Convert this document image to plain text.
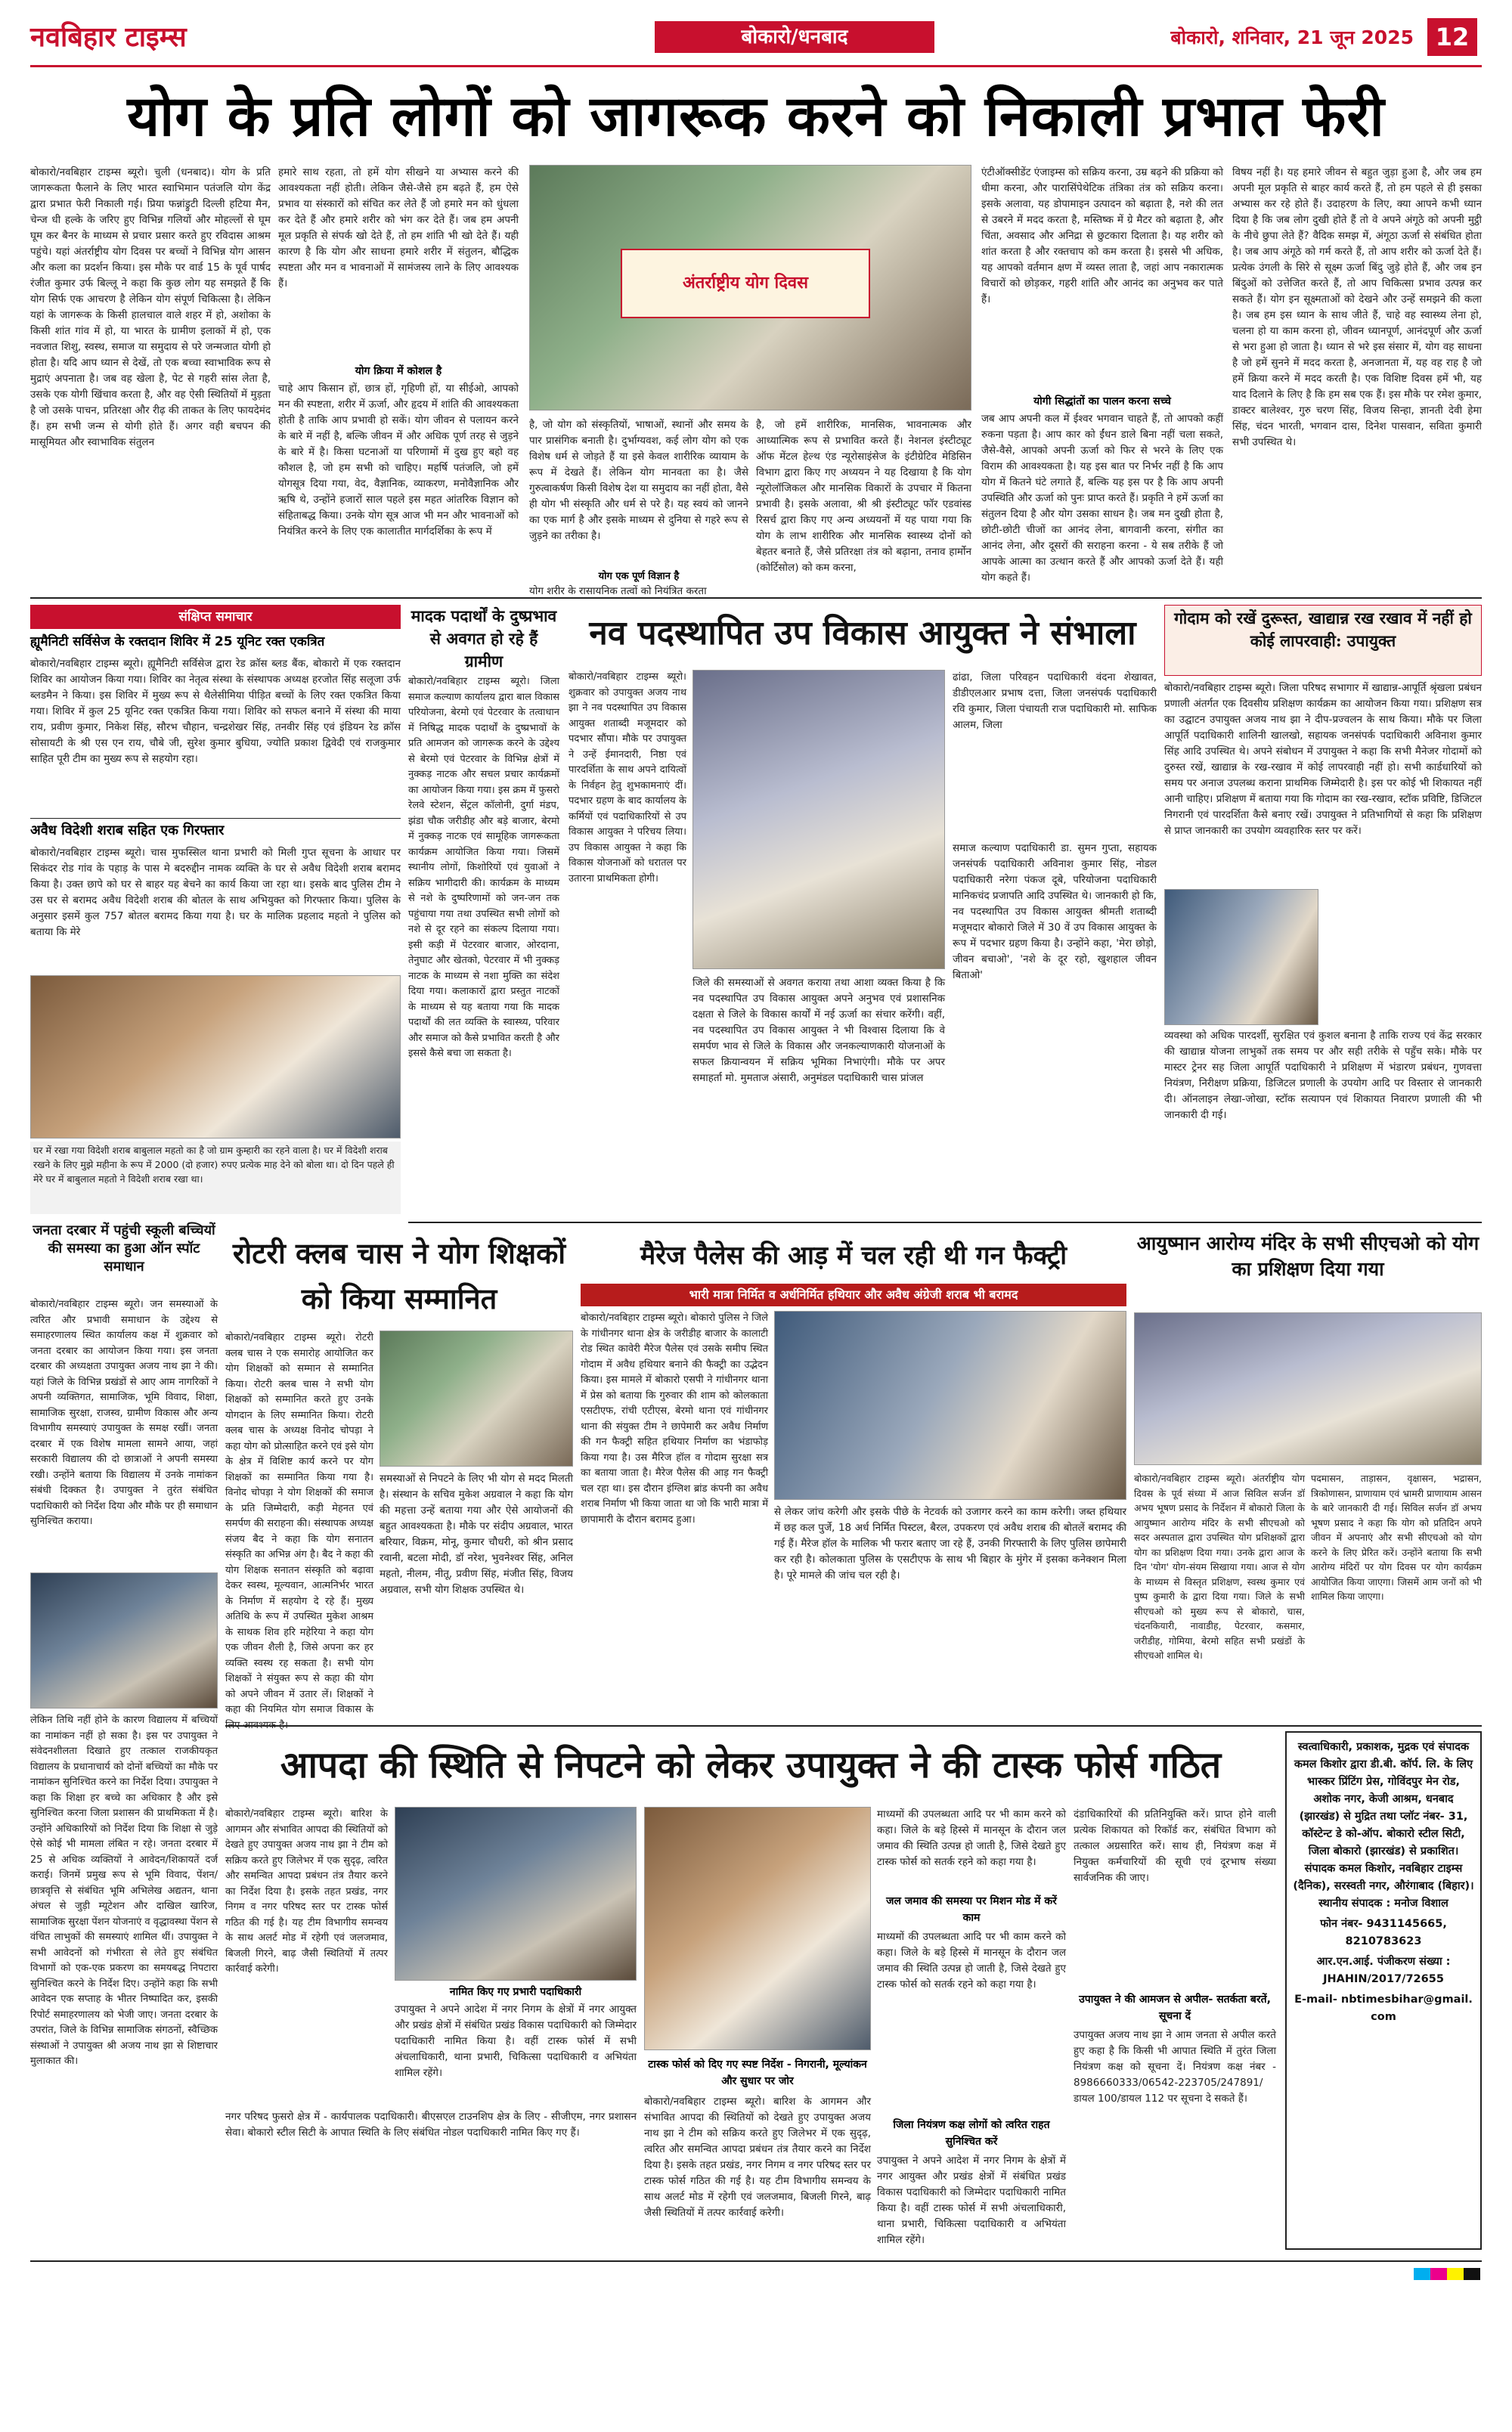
नवबिहार टाइम्स	बोकारो/धनबाद	बोकारो, शनिवार, 21 जून 2025 12
योग के प्रति लोगों को जागरूक करने को निकाली प्रभात फेरी
बोकारो/नवबिहार टाइम्स ब्यूरो। चुली (धनबाद)। योग के प्रति जागरूकता फैलाने के लिए भारत स्वाभिमान पतंजलि योग केंद्र द्वारा प्रभात फेरी निकाली गई। प्रिया फन्नांड्रुटी दिल्ली हटिया मैन, चेन्ज धी हल्के के जरिए हुए विभिन्न गलियों और मोहल्लों से घूम घूम कर बैनर के माध्यम से प्रचार प्रसार करते हुए रविदास आश्रम पहुंचे। यहां अंतर्राष्ट्रीय योग दिवस पर बच्चों ने विभिन्न योग आसन और कला का प्रदर्शन किया। इस मौके पर वार्ड 15 के पूर्व पार्षद रंजीत कुमार उर्फ बिल्लू ने कहा कि कुछ लोग यह समझते हैं कि योग सिर्फ एक आचरण है लेकिन योग संपूर्ण चिकित्सा है। लेकिन यहां के जागरूक के किसी हालचाल वाले शहर में हो, अशोका के किसी शांत गांव में हो, या भारत के ग्रामीण इलाकों में हो, एक नवजात शिशु, स्वस्थ, समाज या समुदाय से परे जन्मजात योगी हो होता है। यदि आप ध्यान से देखें, तो एक बच्चा स्वाभाविक रूप से मुद्राएं अपनाता है। जब वह खेला है, पेट से गहरी सांस लेता है, उसके एक योगी खिंचाव करता है, और वह ऐसी स्थितियों में मुड़ता है जो उसके पाचन, प्रतिरक्षा और रीढ़ की ताकत के लिए फायदेमंद हैं। हम सभी जन्म से योगी होते हैं। अगर वही बचपन की मासूमियत और स्वाभाविक संतुलन
हमारे साथ रहता, तो हमें योग सीखने या अभ्यास करने की आवश्यकता नहीं होती। लेकिन जैसे-जैसे हम बढ़ते हैं, हम ऐसे प्रभाव या संस्कारों को संचित कर लेते हैं जो हमारे मन को धुंधला कर देते हैं और हमारे शरीर को भंग कर देते हैं। जब हम अपनी मूल प्रकृति से संपर्क खो देते हैं, तो हम शांति भी खो देते हैं। यही कारण है कि योग और साधना हमारे शरीर में संतुलन, बौद्धिक स्पष्टता और मन व भावनाओं में सामंजस्य लाने के लिए आवश्यक हैं।
योग क्रिया में कोशल है
चाहे आप किसान हों, छात्र हों, गृहिणी हों, या सीईओ, आपको मन की स्पष्टता, शरीर में ऊर्जा, और हृदय में शांति की आवश्यकता होती है ताकि आप प्रभावी हो सकें। योग जीवन से पलायन करने के बारे में नहीं है, बल्कि जीवन में और अधिक पूर्ण तरह से जुड़ने के बारे में है। किसा घटनाओं या परिणामों में दुख हुए बहो वह कौशल है, जो हम सभी को चाहिए। महर्षि पतंजलि, जो हमें योगसूत्र दिया गया, वेद, वैज्ञानिक, व्याकरण, मनोवैज्ञानिक और ऋषि थे, उन्होंने हजारों साल पहले इस महत आंतरिक विज्ञान को संहिताबद्ध किया। उनके योग सूत्र आज भी मन और भावनाओं को नियंत्रित करने के लिए एक कालातीत मार्गदर्शिका के रूप में
अंतर्राष्ट्रीय योग दिवस
है, जो योग को संस्कृतियों, भाषाओं, स्थानों और समय के पार प्रासंगिक बनाती है। दुर्भाग्यवश, कई लोग योग को एक विशेष धर्म से जोड़ते हैं या इसे केवल शारीरिक व्यायाम के रूप में देखते हैं। लेकिन योग मानवता का है। जैसे गुरुत्वाकर्षण किसी विशेष देश या समुदाय का नहीं होता, वैसे ही योग भी संस्कृति और धर्म से परे है। यह स्वयं को जानने का एक मार्ग है और इसके माध्यम से दुनिया से गहरे रूप से जुड़ने का तरीका है।
योग एक पूर्ण विज्ञान है
योग शरीर के रासायनिक तत्वों को नियंत्रित करता
है, जो हमें शारीरिक, मानसिक, भावनात्मक और आध्यात्मिक रूप से प्रभावित करते हैं। नेशनल इंस्टीट्यूट ऑफ मेंटल हेल्थ एंड न्यूरोसाइंसेज के इंटीग्रेटिव मेडिसिन विभाग द्वारा किए गए अध्ययन ने यह दिखाया है कि योग न्यूरोलॉजिकल और मानसिक विकारों के उपचार में कितना प्रभावी है। इसके अलावा, श्री श्री इंस्टीट्यूट फॉर एडवांस्ड रिसर्च द्वारा किए गए अन्य अध्ययनों में यह पाया गया कि योग के लाभ शारीरिक और मानसिक स्वास्थ्य दोनों को बेहतर बनाते हैं, जैसे प्रतिरक्षा तंत्र को बढ़ाना, तनाव हार्मोन (कोर्टिसोल) को कम करना,
एंटीऑक्सीडेंट एंजाइम्स को सक्रिय करना, उम्र बढ़ने की प्रक्रिया को धीमा करना, और पारासिंपेथेटिक तंत्रिका तंत्र को सक्रिय करना। इसके अलावा, यह डोपामाइन उत्पादन को बढ़ाता है, नशे की लत से उबरने में मदद करता है, मस्तिष्क में ग्रे मैटर को बढ़ाता है, और चिंता, अवसाद और अनिद्रा से छुटकारा दिलाता है। यह शरीर को शांत करता है और रक्तचाप को कम करता है। इससे भी अधिक, यह आपको वर्तमान क्षण में व्यस्त लाता है, जहां आप नकारात्मक विचारों को छोड़कर, गहरी शांति और आनंद का अनुभव कर पाते हैं।
योगी सिद्धांतों का पालन करना सच्चे
जब आप अपनी कल में ईश्वर भगवान चाहते हैं, तो आपको कहीं रुकना पड़ता है। आप कार को ईंधन डाले बिना नहीं चला सकते, जैसे-वैसे, आपको अपनी ऊर्जा को फिर से भरने के लिए एक विराम की आवश्यकता है। यह इस बात पर निर्भर नहीं है कि आप योग में कितने घंटे लगाते हैं, बल्कि यह इस पर है कि आप अपनी उपस्थिति और ऊर्जा को पुनः प्राप्त करते हैं। प्रकृति ने हमें ऊर्जा का संतुलन दिया है और योग उसका साधन है। जब मन दुखी होता है, छोटी-छोटी चीजों का आनंद लेना, बागवानी करना, संगीत का आनंद लेना, और दूसरों की सराहना करना - ये सब तरीके हैं जो आपके आत्मा का उत्थान करते हैं और आपको ऊर्जा देते हैं। यही योग कहते हैं।
विषय नहीं है। यह हमारे जीवन से बहुत जुड़ा हुआ है, और जब हम अपनी मूल प्रकृति से बाहर कार्य करते हैं, तो हम पहले से ही इसका अभ्यास कर रहे होते हैं। उदाहरण के लिए, क्या आपने कभी ध्यान दिया है कि जब लोग दुखी होते हैं तो वे अपने अंगूठे को अपनी मुट्ठी के नीचे छुपा लेते हैं? वैदिक समझ में, अंगूठा ऊर्जा से संबंधित होता है। जब आप अंगूठे को गर्म करते हैं, तो आप शरीर को ऊर्जा देते हैं। प्रत्येक उंगली के सिरे से सूक्ष्म ऊर्जा बिंदु जुड़े होते हैं, और जब इन बिंदुओं को उत्तेजित करते हैं, तो आप चिकित्सा प्रभाव उत्पन्न कर सकते हैं। योग इन सूक्ष्मताओं को देखने और उन्हें समझने की कला है। जब हम इस ध्यान के साथ जीते हैं, चाहे वह स्वास्थ्य लेना हो, चलना हो या काम करना हो, जीवन ध्यानपूर्ण, आनंदपूर्ण और ऊर्जा से भरा हुआ हो जाता है। ध्यान से भरे इस संसार में, योग वह साधना है जो हमें सुनने में मदद करता है, अनजानता में, यह वह राह है जो हमें क्रिया करने में मदद करती है। एक विशिष्ट दिवस हमें भी, यह याद दिलाने के लिए है कि हम सब एक हैं। इस मौके पर रमेश कुमार, डाक्टर बालेश्वर, गुरु चरण सिंह, विजय सिन्हा, ज्ञानती देवी हेमा सिंह, चंदन भारती, भगवान दास, दिनेश पासवान, सविता कुमारी सभी उपस्थित थे।
संक्षिप्त समाचार
ह्यूमैनिटी सर्विसेज के रक्तदान शिविर में 25 यूनिट रक्त एकत्रित
बोकारो/नवबिहार टाइम्स ब्यूरो। ह्यूमैनिटी सर्विसेज द्वारा रेड क्रॉस ब्लड बैंक, बोकारो में एक रक्तदान शिविर का आयोजन किया गया। शिविर का नेतृत्व संस्था के संस्थापक अध्यक्ष हरजोत सिंह सलूजा उर्फ ब्लडमैन ने किया। इस शिविर में मुख्य रूप से थैलेसीमिया पीड़ित बच्चों के लिए रक्त एकत्रित किया गया। शिविर में कुल 25 यूनिट रक्त एकत्रित किया गया। शिविर को सफल बनाने में संस्था की माया राय, प्रवीण कुमार, निकेश सिंह, सौरभ चौहान, चन्द्रशेखर सिंह, तनवीर सिंह एवं इंडियन रेड क्रॉस सोसायटी के श्री एस एन राय, चौबे जी, सुरेश कुमार बुधिया, ज्योति प्रकाश द्विवेदी एवं राजकुमार साहित पूरी टीम का मुख्य रूप से सहयोग रहा।
अवैध विदेशी शराब सहित एक गिरफ्तार
बोकारो/नवबिहार टाइम्स ब्यूरो। चास मुफस्सिल थाना प्रभारी को मिली गुप्त सूचना के आधार पर सिकंदर रोड गांव के पहाड़ के पास मे बदरुद्दीन नामक व्यक्ति के घर से अवैध विदेशी शराब बरामद किया है। उक्त छापे को घर से बाहर यह बेचने का कार्य किया जा रहा था। इसके बाद पुलिस टीम ने उस घर से बरामद अवैध विदेशी शराब की बोतल के साथ अभियुक्त को गिरफ्तार किया। पुलिस के अनुसार इसमें कुल 757 बोतल बरामद किया गया है। घर के मालिक प्रहलाद महतो ने पुलिस को बताया कि मेरे
घर में रखा गया विदेशी शराब बाबुलाल महतो का है जो ग्राम कुम्हारी का रहने वाला है। घर में विदेशी शराब रखने के लिए मुझे महीना के रूप में 2000 (दो हजार) रुपए प्रत्येक माह देने को बोला था। दो दिन पहले ही मेरे घर में बाबुलाल महतो ने विदेशी शराब रखा था।
मादक पदार्थों के दुष्प्रभाव से अवगत हो रहे हैं ग्रामीण
बोकारो/नवबिहार टाइम्स ब्यूरो। जिला समाज कल्याण कार्यालय द्वारा बाल विकास परियोजना, बेरमो एवं पेटरवार के तत्वाधान में निषिद्ध मादक पदार्थों के दुष्प्रभावों के प्रति आमजन को जागरूक करने के उद्देश्य से बेरमो एवं पेटरवार के विभिन्न क्षेत्रों में नुक्कड़ नाटक और सचल प्रचार कार्यक्रमों का आयोजन किया गया। इस क्रम में फुसरो रेलवे स्टेशन, सेंट्रल कॉलोनी, दुर्गा मंडप, झंडा चौक जरीडीह और बड़े बाजार, बेरमो में नुक्कड़ नाटक एवं सामूहिक जागरूकता कार्यक्रम आयोजित किया गया। जिसमें स्थानीय लोगों, किशोरियों एवं युवाओं ने सक्रिय भागीदारी की। कार्यक्रम के माध्यम से नशे के दुष्परिणामों को जन-जन तक पहुंचाया गया तथा उपस्थित सभी लोगों को नशे से दूर रहने का संकल्प दिलाया गया। इसी कड़ी में पेटरवार बाजार, ओरदाना, तेनुघाट और खेतको, पेटरवार में भी नुक्कड़ नाटक के माध्यम से नशा मुक्ति का संदेश दिया गया। कलाकारों द्वारा प्रस्तुत नाटकों के माध्यम से यह बताया गया कि मादक पदार्थों की लत व्यक्ति के स्वास्थ्य, परिवार और समाज को कैसे प्रभावित करती है और इससे कैसे बचा जा सकता है।
नव पदस्थापित उप विकास आयुक्त ने संभाला
बोकारो/नवबिहार टाइम्स ब्यूरो। शुक्रवार को उपायुक्त अजय नाथ झा ने नव पदस्थापित उप विकास आयुक्त शताब्दी मजूमदार को पदभार सौंपा। मौके पर उपायुक्त ने उन्हें ईमानदारी, निष्ठा एवं पारदर्शिता के साथ अपने दायित्वों के निर्वहन हेतु शुभकामनाएं दीं। पदभार ग्रहण के बाद कार्यालय के कर्मियों एवं पदाधिकारियों से उप विकास आयुक्त ने परिचय लिया। उप विकास आयुक्त ने कहा कि विकास योजनाओं को धरातल पर उतारना प्राथमिकता होगी।
ढांढा, जिला परिवहन पदाधिकारी वंदना शेखावत, डीडीएलआर प्रभाष दत्ता, जिला जनसंपर्क पदाधिकारी रवि कुमार, जिला पंचायती राज पदाधिकारी मो. साफिक आलम, जिला
समाज कल्याण पदाधिकारी डा. सुमन गुप्ता, सहायक जनसंपर्क पदाधिकारी अविनाश कुमार सिंह, नोडल पदाधिकारी नरेगा पंकज दूबे, परियोजना पदाधिकारी मानिकचंद प्रजापति आदि उपस्थित थे। जानकारी हो कि, नव पदस्थापित उप विकास आयुक्त श्रीमती शताब्दी मजूमदार बोकारो जिले में 30 वें उप विकास आयुक्त के रूप में पदभार ग्रहण किया है। उन्होंने कहा, 'मेरा छोड़ो, जीवन बचाओ', 'नशे के दूर रहो, खुशहाल जीवन बिताओ'
जिले की समस्याओं से अवगत कराया तथा आशा व्यक्त किया है कि नव पदस्थापित उप विकास आयुक्त अपने अनुभव एवं प्रशासनिक दक्षता से जिले के विकास कार्यों में नई ऊर्जा का संचार करेंगी। वहीं, नव पदस्थापित उप विकास आयुक्त ने भी विश्वास दिलाया कि वे समर्पण भाव से जिले के विकास और जनकल्याणकारी योजनाओं के सफल क्रियान्वयन में सक्रिय भूमिका निभाएंगी। मौके पर अपर समाहर्ता मो. मुमताज अंसारी, अनुमंडल पदाधिकारी चास प्रांजल
गोदाम को रखें दुरूस्त, खाद्यान्न रख रखाव में नहीं हो कोई लापरवाही: उपायुक्त
बोकारो/नवबिहार टाइम्स ब्यूरो। जिला परिषद सभागार में खाद्यान्न-आपूर्ति श्रृंखला प्रबंधन प्रणाली अंतर्गत एक दिवसीय प्रशिक्षण कार्यक्रम का आयोजन किया गया। प्रशिक्षण सत्र का उद्घाटन उपायुक्त अजय नाथ झा ने दीप-प्रज्वलन के साथ किया। मौके पर जिला आपूर्ति पदाधिकारी शालिनी खालखो, सहायक जनसंपर्क पदाधिकारी अविनाश कुमार सिंह आदि उपस्थित थे। अपने संबोधन में उपायुक्त ने कहा कि सभी मैनेजर गोदामों को दुरुस्त रखें, खाद्यान्न के रख-रखाव में कोई लापरवाही नहीं हो। सभी कार्डधारियों को समय पर अनाज उपलब्ध कराना प्राथमिक जिम्मेदारी है। इस पर कोई भी शिकायत नहीं आनी चाहिए। प्रशिक्षण में बताया गया कि गोदाम का रख-रखाव, स्टॉक प्रविष्टि, डिजिटल निगरानी एवं पारदर्शिता कैसे बनाए रखें। उपायुक्त ने प्रतिभागियों से कहा कि प्रशिक्षण से प्राप्त जानकारी का उपयोग व्यवहारिक स्तर पर करें।
व्यवस्था को अधिक पारदर्शी, सुरक्षित एवं कुशल बनाना है ताकि राज्य एवं केंद्र सरकार की खाद्यान्न योजना लाभुकों तक समय पर और सही तरीके से पहुँच सके। मौके पर मास्टर ट्रेनर सह जिला आपूर्ति पदाधिकारी ने प्रशिक्षण में भंडारण प्रबंधन, गुणवत्ता नियंत्रण, निरीक्षण प्रक्रिया, डिजिटल प्रणाली के उपयोग आदि पर विस्तार से जानकारी दी। ऑनलाइन लेखा-जोखा, स्टॉक सत्यापन एवं शिकायत निवारण प्रणाली की भी जानकारी दी गई।
जनता दरबार में पहुंची स्कूली बच्चियों की समस्या का हुआ ऑन स्पॉट समाधान
बोकारो/नवबिहार टाइम्स ब्यूरो। जन समस्याओं के त्वरित और प्रभावी समाधान के उद्देश्य से समाहरणालय स्थित कार्यालय कक्ष में शुक्रवार को जनता दरबार का आयोजन किया गया। इस जनता दरबार की अध्यक्षता उपायुक्त अजय नाथ झा ने की। यहां जिले के विभिन्न प्रखंडों से आए आम नागरिकों ने अपनी व्यक्तिगत, सामाजिक, भूमि विवाद, शिक्षा, सामाजिक सुरक्षा, राजस्व, ग्रामीण विकास और अन्य विभागीय समस्याएं उपायुक्त के समक्ष रखीं। जनता दरबार में एक विशेष मामला सामने आया, जहां सरकारी विद्यालय की दो छात्राओं ने अपनी समस्या रखी। उन्होंने बताया कि विद्यालय में उनके नामांकन संबंधी दिक्कत है। उपायुक्त ने तुरंत संबंधित पदाधिकारी को निर्देश दिया और मौके पर ही समाधान सुनिश्चित कराया।
लेकिन तिथि नहीं होने के कारण विद्यालय में बच्चियों का नामांकन नहीं हो सका है। इस पर उपायुक्त ने संवेदनशीलता दिखाते हुए तत्काल राजकीयकृत विद्यालय के प्रधानाचार्य को दोनों बच्चियों का मौके पर नामांकन सुनिश्चित करने का निर्देश दिया। उपायुक्त ने कहा कि शिक्षा हर बच्चे का अधिकार है और इसे सुनिश्चित करना जिला प्रशासन की प्राथमिकता में है। उन्होंने अधिकारियों को निर्देश दिया कि शिक्षा से जुड़े ऐसे कोई भी मामला लंबित न रहे। जनता दरबार में 25 से अधिक व्यक्तियों ने आवेदन/शिकायतें दर्ज कराई। जिनमें प्रमुख रूप से भूमि विवाद, पेंशन/छात्रवृत्ति से संबंधित भूमि अभिलेख अद्यतन, थाना अंचल से जुड़ी म्यूटेशन और दाखिल खारिज, सामाजिक सुरक्षा पेंशन योजनाएं व वृद्धावस्था पेंशन से वंचित लाभुकों की समस्याएं शामिल थीं। उपायुक्त ने सभी आवेदनों को गंभीरता से लेते हुए संबंधित विभागों को एक-एक प्रकरण का समयबद्ध निपटारा सुनिश्चित करने के निर्देश दिए। उन्होंने कहा कि सभी आवेदन एक सप्ताह के भीतर निष्पादित कर, इसकी रिपोर्ट समाहरणालय को भेजी जाए। जनता दरबार के उपरांत, जिले के विभिन्न सामाजिक संगठनों, स्वैच्छिक संस्थाओं ने उपायुक्त श्री अजय नाथ झा से शिष्टाचार मुलाकात की।
रोटरी क्लब चास ने योग शिक्षकों को किया सम्मानित
बोकारो/नवबिहार टाइम्स ब्यूरो। रोटरी क्लब चास ने एक समारोह आयोजित कर योग शिक्षकों को सम्मान से सम्मानित किया। रोटरी क्लब चास ने सभी योग शिक्षकों को सम्मानित करते हुए उनके योगदान के लिए सम्मानित किया। रोटरी क्लब चास के अध्यक्ष विनोद चोपड़ा ने कहा योग को प्रोत्साहित करने एवं इसे योग के क्षेत्र में विशिष्ट कार्य करने पर योग शिक्षकों का सम्मानित किया गया है। विनोद चोपड़ा ने योग शिक्षकों की समाज के प्रति जिम्मेदारी, कड़ी मेहनत एवं समर्पण की सराहना की। संस्थापक अध्यक्ष संजय बैद ने कहा कि योग सनातन संस्कृति का अभिन्न अंग है। बैद ने कहा की योग शिक्षक सनातन संस्कृति को बढ़ावा देकर स्वस्थ, मूल्यवान, आत्मनिर्भर भारत के निर्माण में सहयोग दे रहे हैं। मुख्य अतिथि के रूप में उपस्थित मुकेश आश्रम के साथक शिव हरि महेरिया ने कहा योग एक जीवन शैली है, जिसे अपना कर हर व्यक्ति स्वस्थ रह सकता है। सभी योग शिक्षकों ने संयुक्त रूप से कहा की योग को अपने जीवन में उतार लें। शिक्षकों ने कहा की नियमित योग समाज विकास के
समस्याओं से निपटने के लिए भी योग से मदद मिलती है। संस्थान के सचिव मुकेश अग्रवाल ने कहा कि योग की महत्ता उन्हें बताया गया और ऐसे आयोजनों की बहुत आवश्यकता है। मौके पर संदीप अग्रवाल, भारत बरियार, विक्रम, मोनू, कुमार चौधरी, को श्रीन प्रसाद रवानी, बटला मोदी, डॉ नरेश, भुवनेश्वर सिंह, अनिल महतो, नीलम, नीतू, प्रवीण सिंह, मंजीत सिंह, विजय अग्रवाल, सभी योग शिक्षक उपस्थित थे।
मैरेज पैलेस की आड़ में चल रही थी गन फैक्ट्री
भारी मात्रा निर्मित व अर्धनिर्मित हथियार और अवैध अंग्रेजी शराब भी बरामद
बोकारो/नवबिहार टाइम्स ब्यूरो। बोकारो पुलिस ने जिले के गांधीनगर थाना क्षेत्र के जरीडीह बाजार के कालाटी रोड स्थित कावेरी मैरेज पैलेस एवं उसके समीप स्थित गोदाम में अवैध हथियार बनाने की फैक्ट्री का उद्भेदन किया। इस मामले में बोकारो एसपी ने गांधीनगर थाना में प्रेस को बताया कि गुरुवार की शाम को कोलकाता एसटीएफ, रांची एटीएस, बेरमो थाना एवं गांधीनगर थाना की संयुक्त टीम ने छापेमारी कर अवैध निर्माण की गन फैक्ट्री सहित हथियार निर्माण का भंडाफोड़ किया गया है। उस मैरिज हॉल व गोदाम सुरक्षा सत्र का बताया जाता है। मैरेज पैलेस की आड़ गन फैक्ट्री चल रहा था। इस दौरान इंग्लिश ब्रांड कंपनी का अवैध शराब निर्माण भी किया जाता था जो कि भारी मात्रा में छापामारी के दौरान बरामद हुआ।
से लेकर जांच करेगी और इसके पीछे के नेटवर्क को उजागर करने का काम करेगी। जब्त हथियार में छह कल पुर्जे, 18 अर्ध निर्मित पिस्टल, बैरल, उपकरण एवं अवैध शराब की बोतलें बरामद की गई हैं। मैरेज हॉल के मालिक भी फरार बताए जा रहे हैं, उनकी गिरफ्तारी के लिए पुलिस छापेमारी कर रही है। कोलकाता पुलिस के एसटीएफ के साथ भी बिहार के मुंगेर में इसका कनेक्शन मिला है। पूरे मामले की जांच चल रही है।
आयुष्मान आरोग्य मंदिर के सभी सीएचओ को योग का प्रशिक्षण दिया गया
बोकारो/नवबिहार टाइम्स ब्यूरो। अंतर्राष्ट्रीय योग दिवस के पूर्व संध्या में आज सिविल सर्जन डॉ अभय भूषण प्रसाद के निर्देशन में बोकारो जिला के आयुष्मान आरोग्य मंदिर के सभी सीएचओ को सदर अस्पताल द्वारा उपस्थित योग प्रशिक्षकों द्वारा योग का प्रशिक्षण दिया गया। उनके द्वारा आज के दिन 'योग' योग-संयम सिखाया गया। आज से योग के माध्यम से विस्तृत प्रशिक्षण, स्वस्थ कुमार एवं पुष्प कुमारी के द्वारा दिया गया। जिले के सभी सीएचओ को मुख्य रूप से बोकारो, चास, चंदनकियारी, नावाडीह, पेटरवार, कसमार, जरीडीह, गोमिया, बेरमो सहित सभी प्रखंडों के सीएचओ शामिल थे।
पदमासन, ताड़ासन, वृक्षासन, भद्रासन, त्रिकोणासन, प्राणायाम एवं भ्रामरी प्राणायाम आसन के बारे जानकारी दी गई। सिविल सर्जन डॉ अभय भूषण प्रसाद ने कहा कि योग को प्रतिदिन अपने जीवन में अपनाएं और सभी सीएचओ को योग करने के लिए प्रेरित करें। उन्होंने बताया कि सभी आरोग्य मंदिरों पर योग दिवस पर योग कार्यक्रम आयोजित किया जाएगा। जिसमें आम जनों को भी शामिल किया जाएगा।
आपदा की स्थिति से निपटने को लेकर उपायुक्त ने की टास्क फोर्स गठित
बोकारो/नवबिहार टाइम्स ब्यूरो। बारिश के आगमन और संभावित आपदा की स्थितियों को देखते हुए उपायुक्त अजय नाथ झा ने टीम को सक्रिय करते हुए जिलेभर में एक सुदृढ़, त्वरित और समन्वित आपदा प्रबंधन तंत्र तैयार करने का निर्देश दिया है। इसके तहत प्रखंड, नगर निगम व नगर परिषद स्तर पर टास्क फोर्स गठित की गई है। यह टीम विभागीय समन्वय के साथ अलर्ट मोड में रहेगी एवं जलजमाव, बिजली गिरने, बाढ़ जैसी स्थितियों में तत्पर कार्रवाई करेगी।
नामित किए गए प्रभारी पदाधिकारी
उपायुक्त ने अपने आदेश में नगर निगम के क्षेत्रों में नगर आयुक्त और प्रखंड क्षेत्रों में संबंधित प्रखंड विकास पदाधिकारी को जिम्मेदार पदाधिकारी नामित किया है। वहीं टास्क फोर्स में सभी अंचलाधिकारी, थाना प्रभारी, चिकित्सा पदाधिकारी व अभियंता शामिल रहेंगे।
नगर परिषद फुसरो क्षेत्र में - कार्यपालक पदाधिकारी। बीएसएल टाउनशिप क्षेत्र के लिए - सीजीएम, नगर प्रशासन सेवा। बोकारो स्टील सिटी के आपात स्थिति के लिए संबंधित नोडल पदाधिकारी नामित किए गए हैं।
टास्क फोर्स को दिए गए स्पष्ट निर्देश - निगरानी, मूल्यांकन और सुधार पर जोर
माध्यमों की उपलब्धता आदि पर भी काम करने को कहा। जिले के बड़े हिस्से में मानसून के दौरान जल जमाव की स्थिति उत्पन्न हो जाती है, जिसे देखते हुए टास्क फोर्स को सतर्क रहने को कहा गया है।
जल जमाव की समस्या पर मिशन मोड में करें काम
बोकारो/नवबिहार टाइम्स ब्यूरो। बारिश के आगमन और संभावित आपदा की स्थितियों को देखते हुए उपायुक्त अजय नाथ झा ने टीम को सक्रिय करते हुए जिलेभर में एक सुदृढ़, त्वरित और समन्वित आपदा प्रबंधन तंत्र तैयार करने का निर्देश दिया है। इसके तहत प्रखंड, नगर निगम व नगर परिषद स्तर पर टास्क फोर्स गठित की गई है। यह टीम विभागीय समन्वय के साथ अलर्ट मोड में रहेगी एवं जलजमाव, बिजली गिरने, बाढ़ जैसी स्थितियों में तत्पर कार्रवाई करेगी।
जिला नियंत्रण कक्ष लोगों को त्वरित राहत सुनिश्चित करें
माध्यमों की उपलब्धता आदि पर भी काम करने को कहा। जिले के बड़े हिस्से में मानसून के दौरान जल जमाव की स्थिति उत्पन्न हो जाती है, जिसे देखते हुए टास्क फोर्स को सतर्क रहने को कहा गया है।
उपायुक्त ने अपने आदेश में नगर निगम के क्षेत्रों में नगर आयुक्त और प्रखंड क्षेत्रों में संबंधित प्रखंड विकास पदाधिकारी को जिम्मेदार पदाधिकारी नामित किया है। वहीं टास्क फोर्स में सभी अंचलाधिकारी, थाना प्रभारी, चिकित्सा पदाधिकारी व अभियंता शामिल रहेंगे।
दंडाधिकारियों की प्रतिनियुक्ति करें। प्राप्त होने वाली प्रत्येक शिकायत को रिकॉर्ड कर, संबंधित विभाग को तत्काल अग्रसारित करें। साथ ही, नियंत्रण कक्ष में नियुक्त कर्मचारियों की सूची एवं दूरभाष संख्या सार्वजनिक की जाए।
उपायुक्त ने की आमजन से अपील- सतर्कता बरतें, सूचना दें
उपायुक्त अजय नाथ झा ने आम जनता से अपील करते हुए कहा है कि किसी भी आपात स्थिति में तुरंत जिला नियंत्रण कक्ष को सूचना दें। नियंत्रण कक्ष नंबर - 8986660333/06542-223705/247891/डायल 100/डायल 112 पर सूचना दे सकते हैं।
स्वत्वाधिकारी, प्रकाशक, मुद्रक एवं संपादक कमल किशोर द्वारा डी.बी. कॉर्प. लि. के लिए भास्कर प्रिंटिंग प्रेस, गोविंदपुर मेन रोड, अशोक नगर, केजी आश्रम, धनबाद (झारखंड) से मुद्रित तथा प्लॉट नंबर- 31, कॉस्टेन्ट डे को-ऑप. बोकारो स्टील सिटी, जिला बोकारो (झारखंड) से प्रकाशित। संपादक कमल किशोर, नवबिहार टाइम्स (दैनिक), सरस्वती नगर, औरंगाबाद (बिहार)। स्थानीय संपादक : मनोज विशाल
फोन नंबर- 9431145665, 8210783623
आर.एन.आई. पंजीकरण संख्या : JHAHIN/2017/72655
E-mail- nbtimesbihar@gmail.com
